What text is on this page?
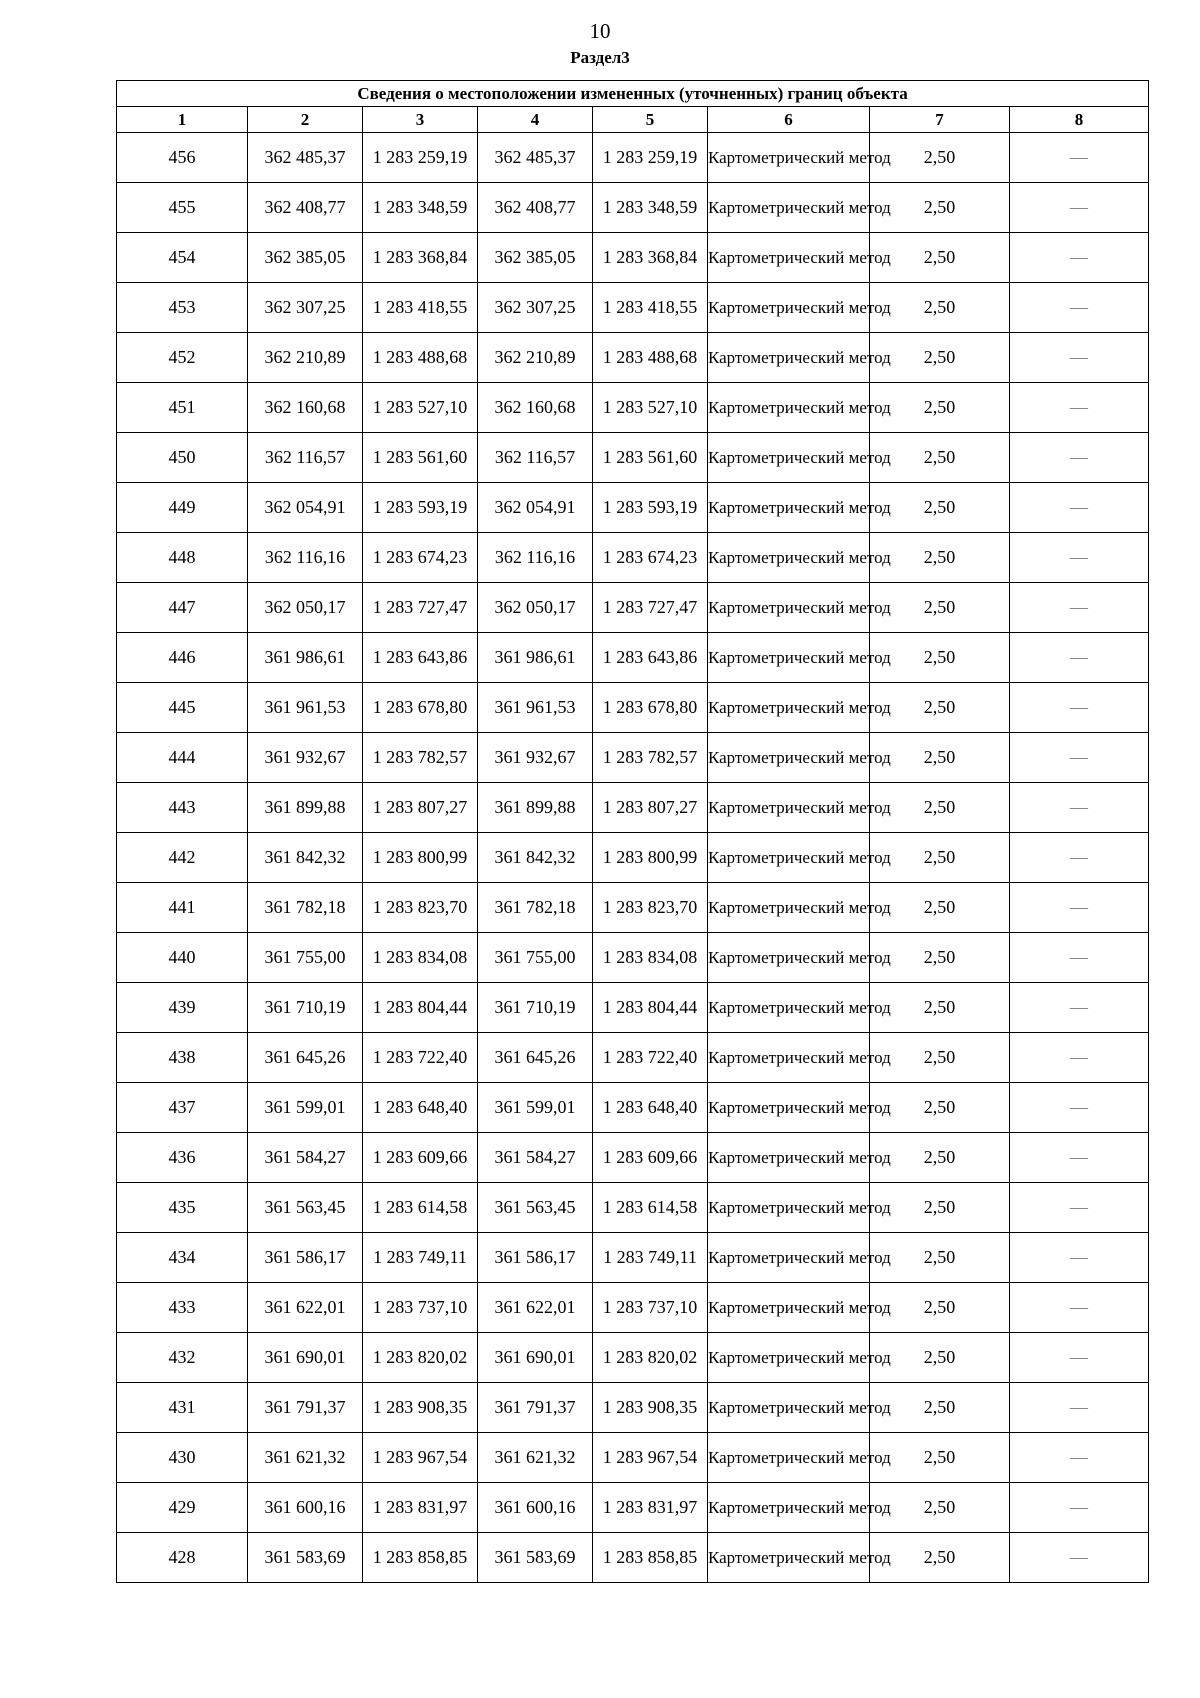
10
Раздел3
Сведения о местоположении измененных (уточненных) границ объекта							
1	2	3	4	5	6	7	8
456	362 485,37	1 283 259,19	362 485,37	1 283 259,19	Картометрический метод	2,50	—
455	362 408,77	1 283 348,59	362 408,77	1 283 348,59	Картометрический метод	2,50	—
454	362 385,05	1 283 368,84	362 385,05	1 283 368,84	Картометрический метод	2,50	—
453	362 307,25	1 283 418,55	362 307,25	1 283 418,55	Картометрический метод	2,50	—
452	362 210,89	1 283 488,68	362 210,89	1 283 488,68	Картометрический метод	2,50	—
451	362 160,68	1 283 527,10	362 160,68	1 283 527,10	Картометрический метод	2,50	—
450	362 116,57	1 283 561,60	362 116,57	1 283 561,60	Картометрический метод	2,50	—
449	362 054,91	1 283 593,19	362 054,91	1 283 593,19	Картометрический метод	2,50	—
448	362 116,16	1 283 674,23	362 116,16	1 283 674,23	Картометрический метод	2,50	—
447	362 050,17	1 283 727,47	362 050,17	1 283 727,47	Картометрический метод	2,50	—
446	361 986,61	1 283 643,86	361 986,61	1 283 643,86	Картометрический метод	2,50	—
445	361 961,53	1 283 678,80	361 961,53	1 283 678,80	Картометрический метод	2,50	—
444	361 932,67	1 283 782,57	361 932,67	1 283 782,57	Картометрический метод	2,50	—
443	361 899,88	1 283 807,27	361 899,88	1 283 807,27	Картометрический метод	2,50	—
442	361 842,32	1 283 800,99	361 842,32	1 283 800,99	Картометрический метод	2,50	—
441	361 782,18	1 283 823,70	361 782,18	1 283 823,70	Картометрический метод	2,50	—
440	361 755,00	1 283 834,08	361 755,00	1 283 834,08	Картометрический метод	2,50	—
439	361 710,19	1 283 804,44	361 710,19	1 283 804,44	Картометрический метод	2,50	—
438	361 645,26	1 283 722,40	361 645,26	1 283 722,40	Картометрический метод	2,50	—
437	361 599,01	1 283 648,40	361 599,01	1 283 648,40	Картометрический метод	2,50	—
436	361 584,27	1 283 609,66	361 584,27	1 283 609,66	Картометрический метод	2,50	—
435	361 563,45	1 283 614,58	361 563,45	1 283 614,58	Картометрический метод	2,50	—
434	361 586,17	1 283 749,11	361 586,17	1 283 749,11	Картометрический метод	2,50	—
433	361 622,01	1 283 737,10	361 622,01	1 283 737,10	Картометрический метод	2,50	—
432	361 690,01	1 283 820,02	361 690,01	1 283 820,02	Картометрический метод	2,50	—
431	361 791,37	1 283 908,35	361 791,37	1 283 908,35	Картометрический метод	2,50	—
430	361 621,32	1 283 967,54	361 621,32	1 283 967,54	Картометрический метод	2,50	—
429	361 600,16	1 283 831,97	361 600,16	1 283 831,97	Картометрический метод	2,50	—
428	361 583,69	1 283 858,85	361 583,69	1 283 858,85	Картометрический метод	2,50	—
